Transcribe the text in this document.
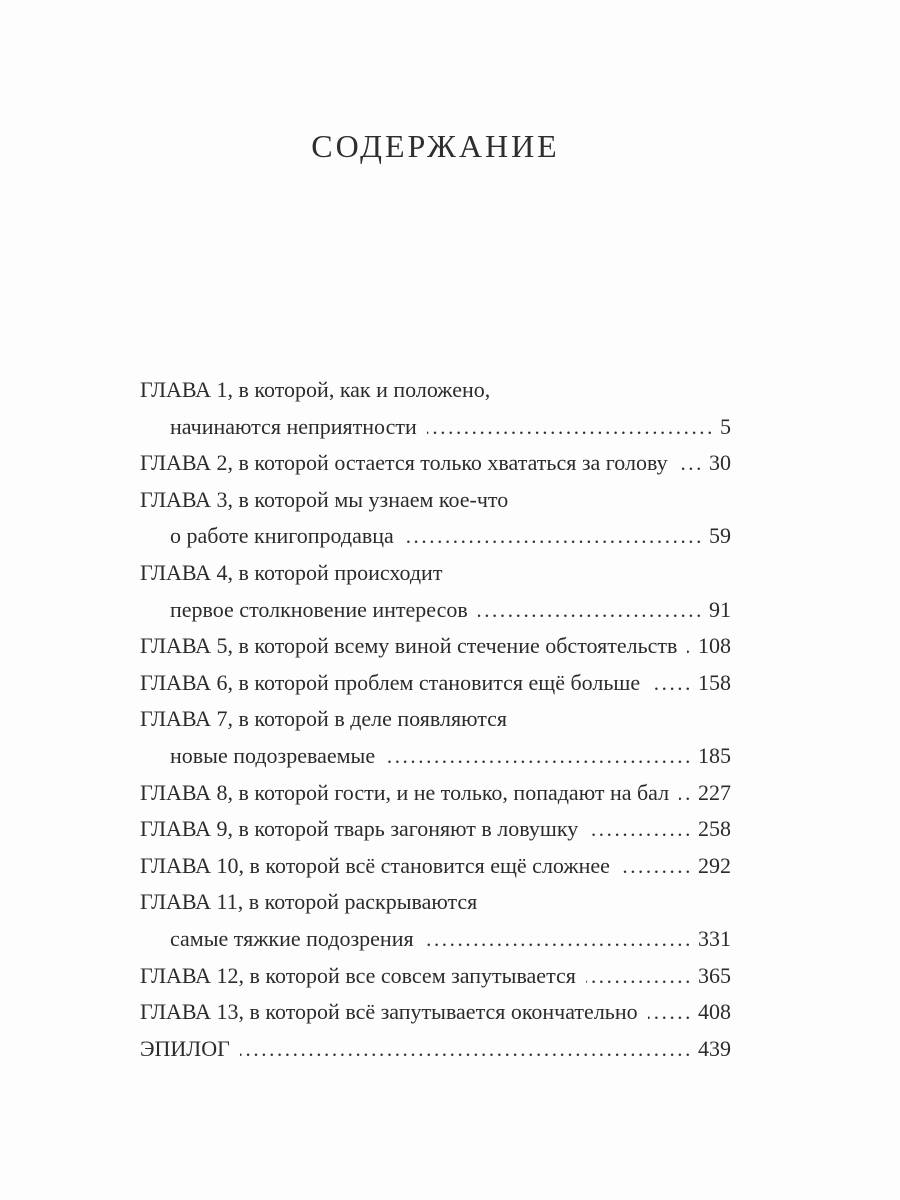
СОДЕРЖАНИЕ
ГЛАВА 1, в которой, как и положено,
начинаются неприятности .....	5
ГЛАВА 2, в которой остается только хвататься за голову ..... 30
ГЛАВА 3, в которой мы узнаем кое-что
о работе книгопродавца .....	59
ГЛАВА 4, в которой происходит
первое столкновение интересов .....	91
ГЛАВА 5, в которой всему виной стечение обстоятельств ..... 108
ГЛАВА 6, в которой проблем становится ещё больше .....	158
ГЛАВА 7, в которой в деле появляются
новые подозреваемые .....	185
ГЛАВА 8, в которой гости, и не только, попадают на бал ..... 227
ГЛАВА 9, в которой тварь загоняют в ловушку .....	258
ГЛАВА 10, в которой всё становится ещё сложнее .....	292
ГЛАВА 11, в которой раскрываются
самые тяжкие подозрения .....	331
ГЛАВА 12, в которой все совсем запутывается .....	365
ГЛАВА 13, в которой всё запутывается окончательно .....	408
ЭПИЛОГ .....	439
